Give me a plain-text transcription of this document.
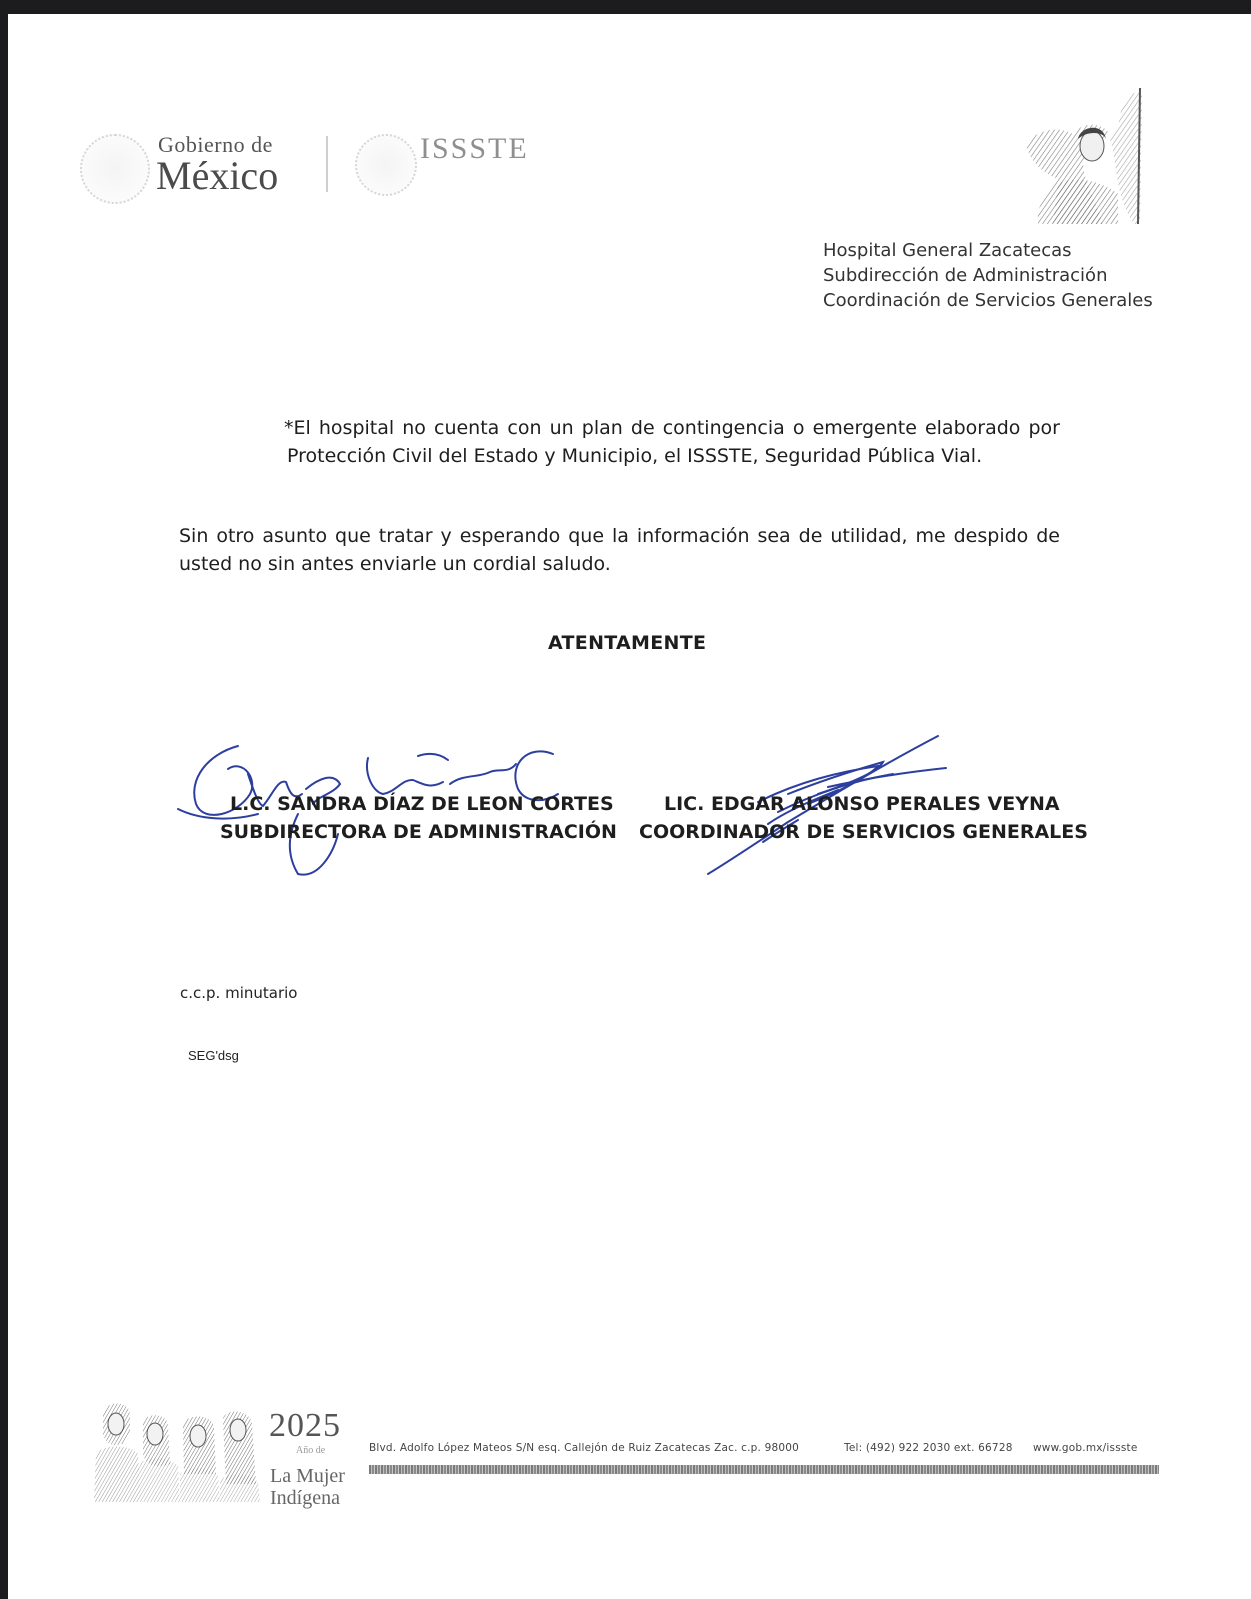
Gobierno de
México
ISSSTE
Hospital General Zacatecas
Subdirección de Administración
Coordinación de Servicios Generales
*El hospital no cuenta con un plan de contingencia o emergente elaborado por
Protección Civil del Estado y Municipio, el ISSSTE, Seguridad Pública Vial.
Sin otro asunto que tratar y esperando que la información sea de utilidad, me despido de
usted no sin antes enviarle un cordial saludo.
ATENTAMENTE
L.C. SANDRA DÍAZ DE LEON CORTES
SUBDIRECTORA DE ADMINISTRACIÓN
LIC. EDGAR ALONSO PERALES VEYNA
COORDINADOR DE SERVICIOS GENERALES
c.c.p. minutario
SEG'dsg
2025
Año de
La Mujer
Indígena
Blvd. Adolfo López Mateos S/N esq. Callejón de Ruiz Zacatecas Zac. c.p. 98000	Tel: (492) 922 2030 ext. 66728 www.gob.mx/issste
